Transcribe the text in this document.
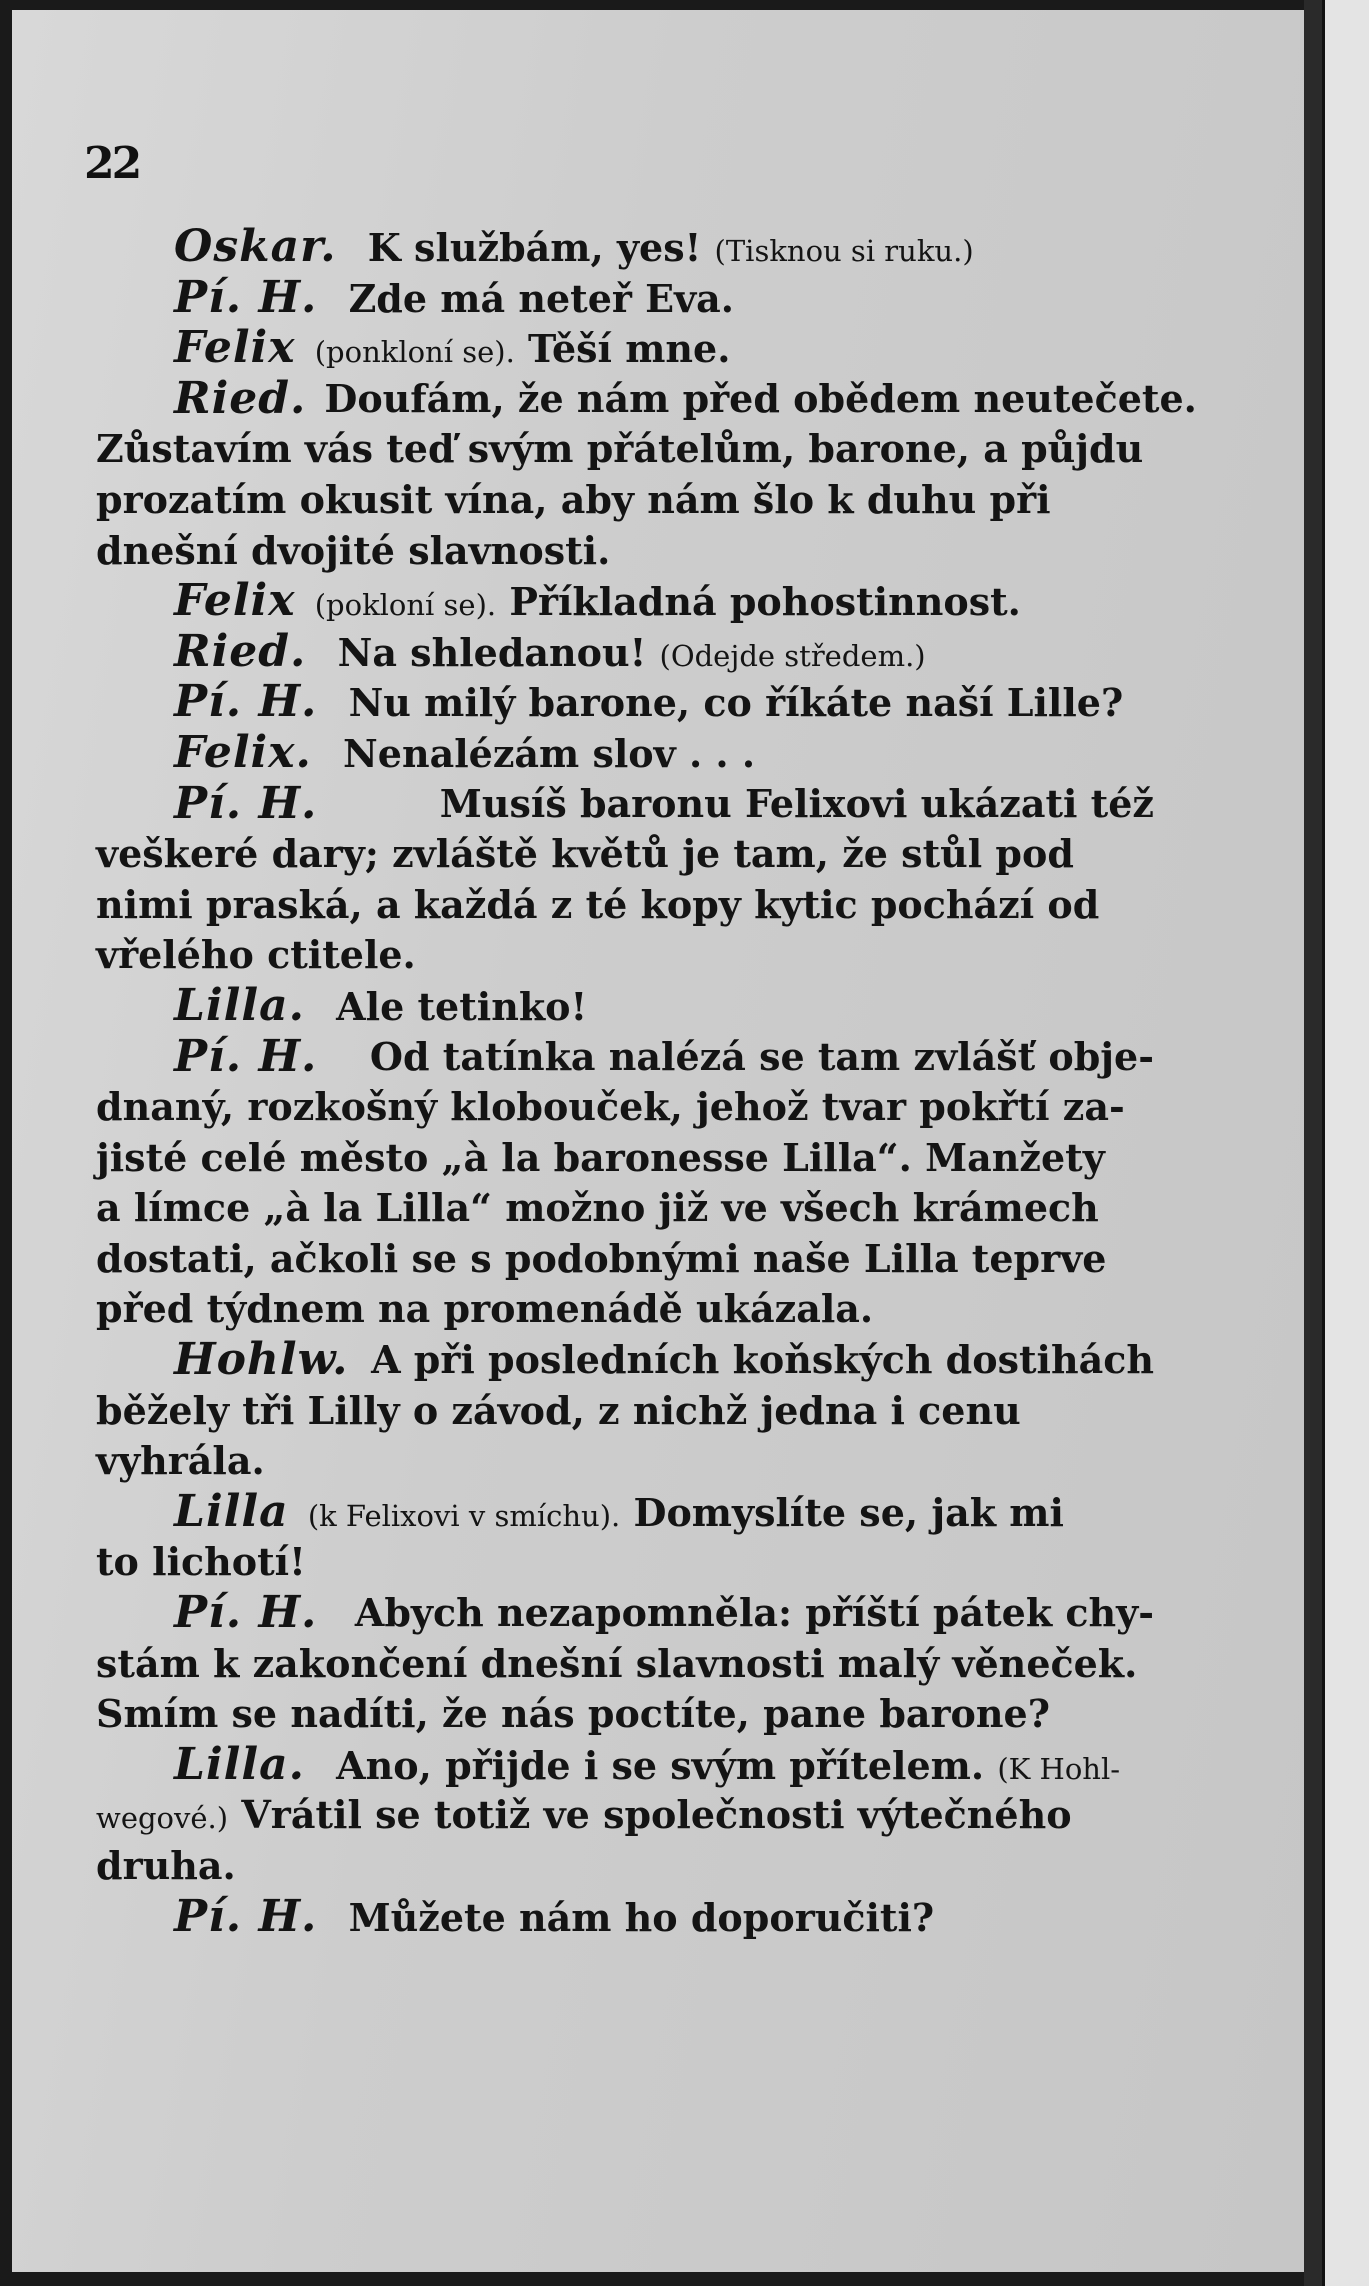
22
Oskar. K službám, yes! (Tisknou si ruku.)
Pí. H. Zde má neteř Eva.
Felix (ponkloní se). Těší mne.
Ried. Doufám, že nám před obědem neutečete.
Zůstavím vás teď svým přátelům, barone, a půjdu
prozatím okusit vína, aby nám šlo k duhu při
dnešní dvojité slavnosti.
Felix (pokloní se). Příkladná pohostinnost.
Ried. Na shledanou! (Odejde středem.)
Pí. H. Nu milý barone, co říkáte naší Lille?
Felix. Nenalézám slov . . .
Pí. H.	Musíš baronu Felixovi ukázati též
veškeré dary; zvláště květů je tam, že stůl pod
nimi praská, a každá z té kopy kytic pochází od
vřelého ctitele.
Lilla. Ale tetinko!
Pí. H. Od tatínka nalézá se tam zvlášť obje-
dnaný, rozkošný klobouček, jehož tvar pokřtí za-
jisté celé město „à la baronesse Lilla“. Manžety
a límce „à la Lilla“ možno již ve všech krámech
dostati, ačkoli se s podobnými naše Lilla teprve
před týdnem na promenádě ukázala.
Hohlw. A při posledních koňských dostihách
běžely tři Lilly o závod, z nichž jedna i cenu
vyhrála.
Lilla (k Felixovi v smíchu). Domyslíte se, jak mi
to lichotí!
Pí. H. Abych nezapomněla: příští pátek chy-
stám k zakončení dnešní slavnosti malý věneček.
Smím se nadíti, že nás poctíte, pane barone?
Lilla. Ano, přijde i se svým přítelem. (K Hohl-
wegové.) Vrátil se totiž ve společnosti výtečného
druha.
Pí. H. Můžete nám ho doporučiti?
